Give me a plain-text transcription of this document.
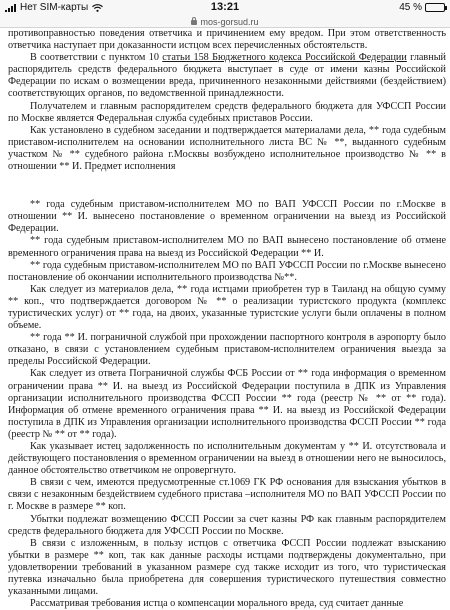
Нет SIM-карты	13:21	45 %
mos-gorsud.ru

противоправностью поведения ответчика и причинением ему вредом. При этом ответственность ответчика наступает при доказанности истцом всех перечисленных обстоятельств.

В соответствии с пунктом 10 статьи 158 Бюджетного кодекса Российской Федерации главный распорядитель средств федерального бюджета выступает в суде от имени казны Российской Федерации по искам о возмещении вреда, причиненного незаконными действиями (бездействием) соответствующих органов, по ведомственной принадлежности.

Получателем и главным распорядителем средств федерального бюджета для УФССП России по Москве является Федеральная служба судебных приставов России.

Как установлено в судебном заседании и подтверждается материалами дела, ** года судебным приставом-исполнителем на основании исполнительного листа ВС № **, выданного судебным участком № ** судебного района г.Москвы возбуждено исполнительное производство № ** в отношении ** И. Предмет исполнения

** года судебным приставом-исполнителем МО по ВАП УФССП России по г.Москве в отношении ** И. вынесено постановление о временном ограничении на выезд из Российской Федерации.

** года судебным приставом-исполнителем МО по ВАП вынесено постановление об отмене временного ограничения права на выезд из Российской Федерации ** И.

** года судебным приставом-исполнителем МО по ВАП УФССП России по г.Москве вынесено постановление об окончании исполнительного производства №**.

Как следует из материалов дела, ** года истцами приобретен тур в Таиланд на общую сумму ** коп., что подтверждается договором № ** о реализации туристского продукта (комплекс туристических услуг) от ** года, на двоих, указанные туристские услуги были оплачены в полном объеме.

** года ** И. пограничной службой при прохождении паспортного контроля в аэропорту было отказано, в связи с установлением судебным приставом-исполнителем ограничения выезда за пределы Российской Федерации.

Как следует из ответа Пограничной службы ФСБ России от ** года информация о временном ограничении права ** И. на выезд из Российской Федерации поступила в ДПК из Управления организации исполнительного производства ФССП России ** года (реестр № ** от ** года). Информация об отмене временного ограничения права ** И. на выезд из Российской Федерации поступила в ДПК из Управления организации исполнительного производства ФССП России ** года (реестр № ** от ** года).

Как указывает истец задолженность по исполнительным документам у ** И. отсутствовала и действующего постановления о временном ограничении на выезд в отношении него не выносилось, данное обстоятельство ответчиком не опровергнуто.

В связи с чем, имеются предусмотренные ст.1069 ГК РФ основания для взыскания убытков в связи с незаконным бездействием судебного пристава –исполнителя МО по ВАП УФССП России по г. Москве в размере ** коп.

Убытки подлежат возмещению ФССП России за счет казны РФ как главным распорядителем средств федерального бюджета для УФССП России по Москве.

В связи с изложенным, в пользу истцов с ответчика ФССП России подлежат взысканию убытки в размере ** коп, так как данные расходы истцами подтверждены документально, при удовлетворении требований в указанном размере суд также исходит из того, что туристическая путевка изначально была приобретена для совершения туристического путешествия совместно указанными лицами.

Рассматривая требования истца о компенсации морального вреда, суд считает данные
